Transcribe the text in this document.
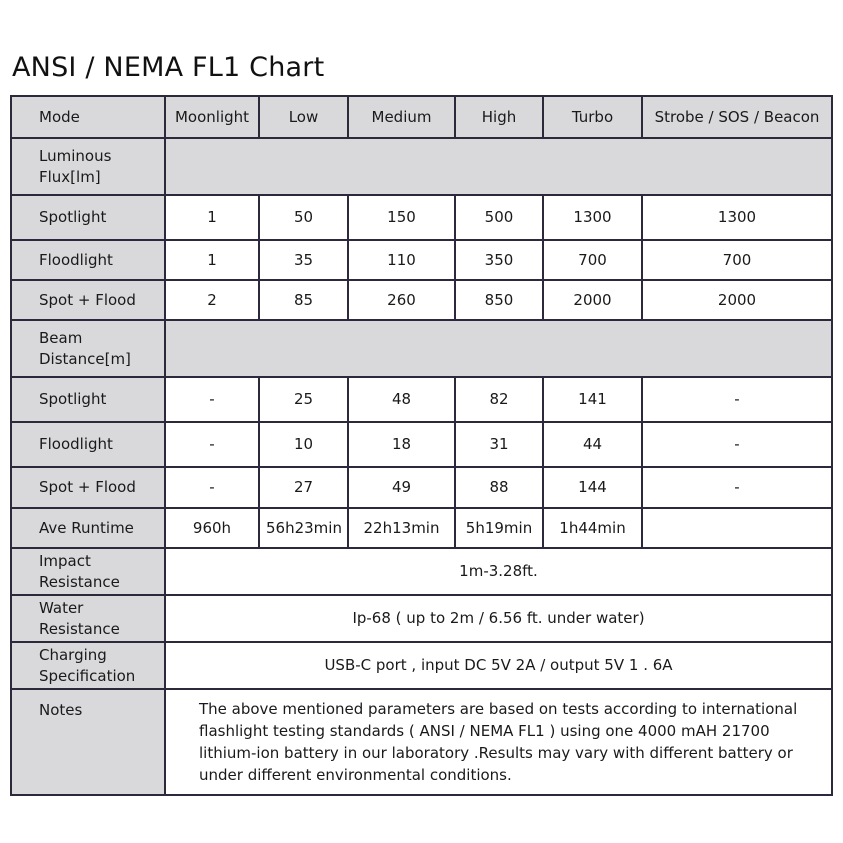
ANSI / NEMA FL1 Chart
Mode	Moonlight	Low	Medium	High	Turbo	Strobe / SOS / Beacon
Luminous Flux[lm]						
Spotlight	1	50	150	500	1300	1300
Floodlight	1	35	110	350	700	700
Spot + Flood	2	85	260	850	2000	2000
Beam Distance[m]						
Spotlight	-	25	48	82	141	-
Floodlight	-	10	18	31	44	-
Spot + Flood	-	27	49	88	144	-
Ave Runtime	960h	56h23min	22h13min	5h19min	1h44min	
Impact Resistance	1m-3.28ft.					
Water Resistance	Ip-68 ( up to 2m / 6.56 ft. under water)					
Charging Specification	USB-C port , input DC 5V 2A / output 5V 1 . 6A					
Notes	The above mentioned parameters are based on tests according to international flashlight testing standards ( ANSI / NEMA FL1 ) using one 4000 mAH 21700 lithium-ion battery in our laboratory .Results may vary with different battery or under different environmental conditions.					
